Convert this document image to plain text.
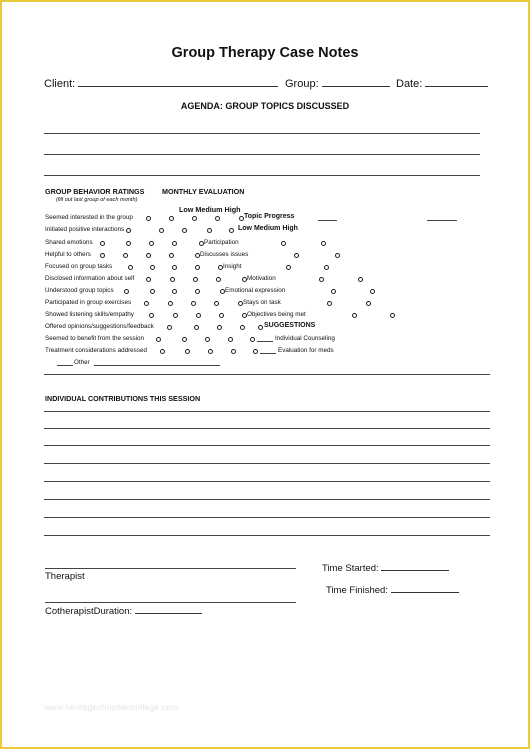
Group Therapy Case Notes
Client:	Group:	Date:
AGENDA: GROUP TOPICS DISCUSSED
GROUP BEHAVIOR RATINGS MONTHLY EVALUATION
(fill out last group of each month)
Low Medium High
Seemed interested in the group
Initiated positive interactions
Shared emotions
Helpful to others
Focused on group tasks
Disclosed information about self
Understood group topics
Participated in group exercises
Showed listening skills/empathy
Offered opinions/suggestions/feedback
Seemed to benefit from the session
Treatment considerations addressed
Topic Progress
Low Medium High
Participation
Discusses issues
Insight
Motivation
Emotional expression
Stays on task
Objectives being met
SUGGESTIONS
Individual Counseling
Evaluation for meds
Other
INDIVIDUAL CONTRIBUTIONS THIS SESSION
Therapist
CotherapistDuration:
Time Started:
Time Finished:
www.heritagechristiancollege.com
